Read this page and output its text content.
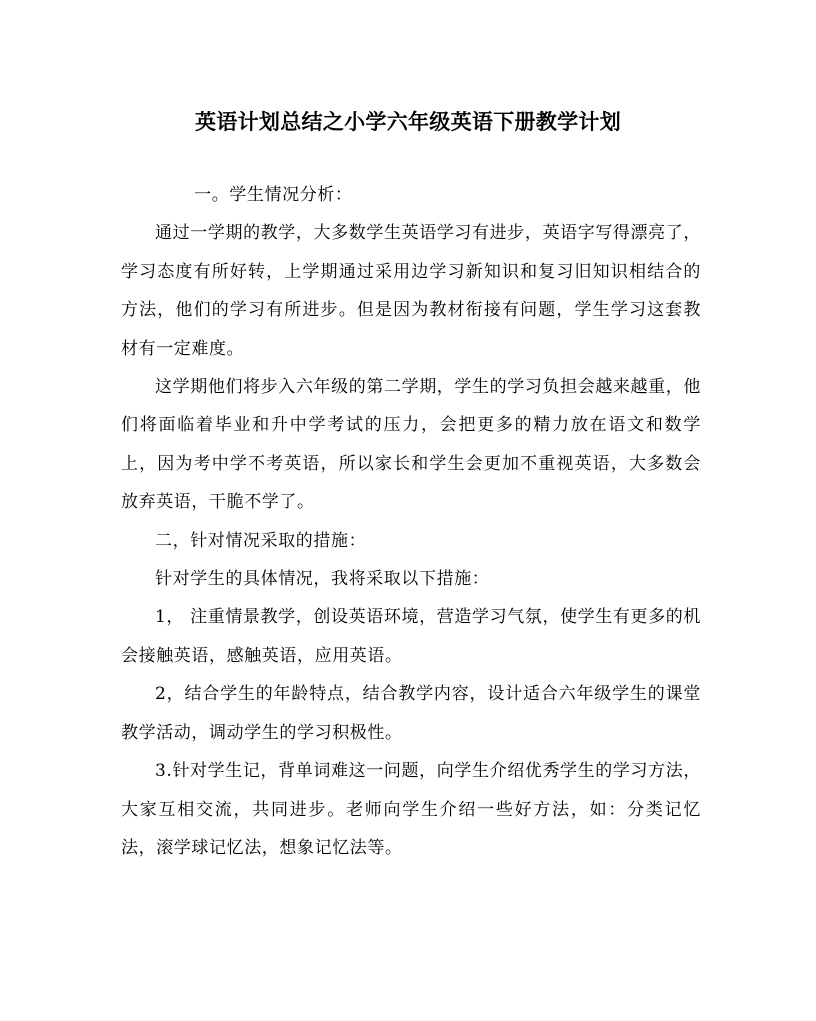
英语计划总结之小学六年级英语下册教学计划

一。学生情况分析：

通过一学期的教学，大多数学生英语学习有进步，英语字写得漂亮了，学习态度有所好转，上学期通过采用边学习新知识和复习旧知识相结合的方法，他们的学习有所进步。但是因为教材衔接有问题，学生学习这套教材有一定难度。

这学期他们将步入六年级的第二学期，学生的学习负担会越来越重，他们将面临着毕业和升中学考试的压力，会把更多的精力放在语文和数学上，因为考中学不考英语，所以家长和学生会更加不重视英语，大多数会放弃英语，干脆不学了。

二，针对情况采取的措施：

针对学生的具体情况，我将采取以下措施：

1， 注重情景教学，创设英语环境，营造学习气氛，使学生有更多的机会接触英语，感触英语，应用英语。

2，结合学生的年龄特点，结合教学内容，设计适合六年级学生的课堂教学活动，调动学生的学习积极性。

3.针对学生记，背单词难这一问题，向学生介绍优秀学生的学习方法，大家互相交流，共同进步。老师向学生介绍一些好方法，如：分类记忆法，滚学球记忆法，想象记忆法等。
